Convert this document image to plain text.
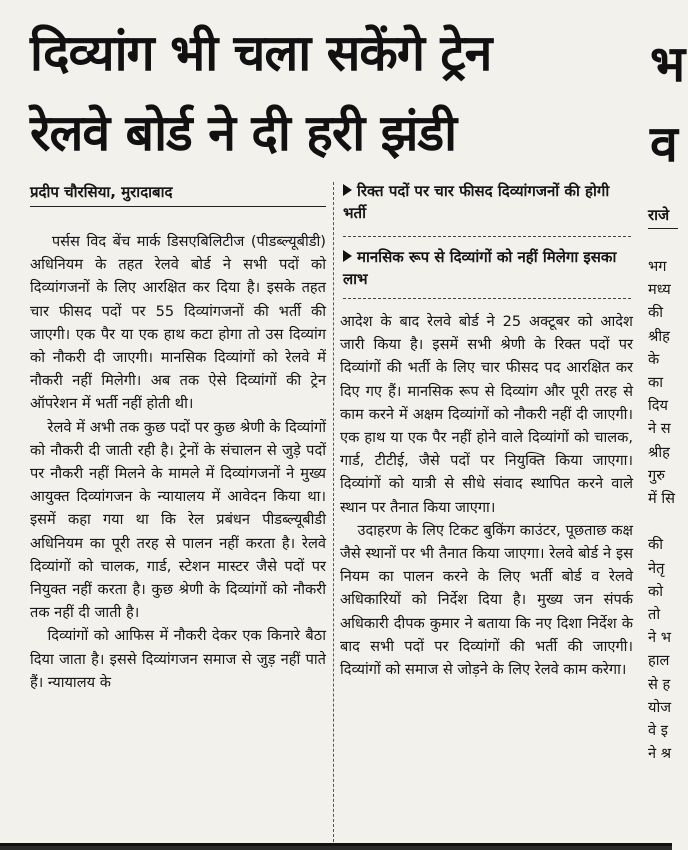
दिव्यांग भी चला सकेंगे ट्रेन
रेलवे बोर्ड ने दी हरी झंडी
भ
व
प्रदीप चौरसिया, मुरादाबाद

पर्सस विद बेंच मार्क डिसएबिलिटीज (पीडब्ल्यूबीडी) अधिनियम के तहत रेलवे बोर्ड ने सभी पदों को दिव्यांगजनों के लिए आरक्षित कर दिया है। इसके तहत चार फीसद पदों पर 55 दिव्यांगजनों की भर्ती की जाएगी। एक पैर या एक हाथ कटा होगा तो उस दिव्यांग को नौकरी दी जाएगी। मानसिक दिव्यांगों को रेलवे में नौकरी नहीं मिलेगी। अब तक ऐसे दिव्यांगों की ट्रेन ऑपरेशन में भर्ती नहीं होती थी।

रेलवे में अभी तक कुछ पदों पर कुछ श्रेणी के दिव्यांगों को नौकरी दी जाती रही है। ट्रेनों के संचालन से जुड़े पदों पर नौकरी नहीं मिलने के मामले में दिव्यांगजनों ने मुख्य आयुक्त दिव्यांगजन के न्यायालय में आवेदन किया था। इसमें कहा गया था कि रेल प्रबंधन पीडब्ल्यूबीडी अधिनियम का पूरी तरह से पालन नहीं करता है। रेलवे दिव्यांगों को चालक, गार्ड, स्टेशन मास्टर जैसे पदों पर नियुक्त नहीं करता है। कुछ श्रेणी के दिव्यांगों को नौकरी तक नहीं दी जाती है।

दिव्यांगों को आफिस में नौकरी देकर एक किनारे बैठा दिया जाता है। इससे दिव्यांगजन समाज से जुड़ नहीं पाते हैं। न्यायालय के

रिक्त पदों पर चार फीसद दिव्यांगजनों की होगी भर्ती
मानसिक रूप से दिव्यांगों को नहीं मिलेगा इसका लाभ

आदेश के बाद रेलवे बोर्ड ने 25 अक्टूबर को आदेश जारी किया है। इसमें सभी श्रेणी के रिक्त पदों पर दिव्यांगों की भर्ती के लिए चार फीसद पद आरक्षित कर दिए गए हैं। मानसिक रूप से दिव्यांग और पूरी तरह से काम करने में अक्षम दिव्यांगों को नौकरी नहीं दी जाएगी। एक हाथ या एक पैर नहीं होने वाले दिव्यांगों को चालक, गार्ड, टीटीई, जैसे पदों पर नियुक्ति किया जाएगा। दिव्यांगों को यात्री से सीधे संवाद स्थापित करने वाले स्थान पर तैनात किया जाएगा।

उदाहरण के लिए टिकट बुकिंग काउंटर, पूछताछ कक्ष जैसे स्थानों पर भी तैनात किया जाएगा। रेलवे बोर्ड ने इस नियम का पालन करने के लिए भर्ती बोर्ड व रेलवे अधिकारियों को निर्देश दिया है। मुख्य जन संपर्क अधिकारी दीपक कुमार ने बताया कि नए दिशा निर्देश के बाद सभी पदों पर दिव्यांगों की भर्ती की जाएगी। दिव्यांगों को समाज से जोड़ने के लिए रेलवे काम करेगा।

राजे
भग
मध्य
की
श्रीह
के
का
दिय
ने स
श्रीह
गुरु
में सि

की
नेतृ
को
तो
ने भ
हाल
से ह
योज
वे इ
ने श्र
